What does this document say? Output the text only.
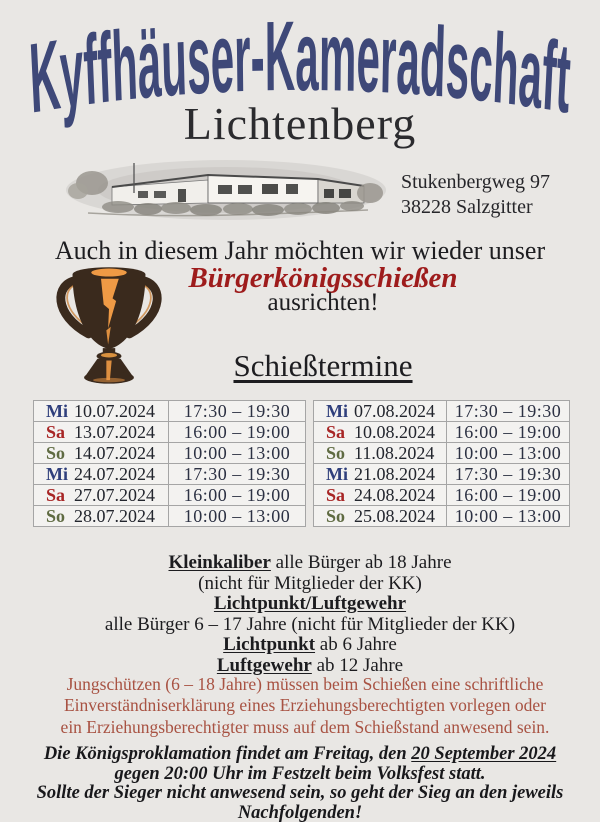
Kyffhäuser-Kameradschaft
Lichtenberg
Stukenbergweg 97
38228 Salzgitter
Auch in diesem Jahr möchten wir wieder unser
Bürgerkönigsschießen
ausrichten!
Schießtermine
Mi 10.07.2024	17:30 – 19:30
Sa 13.07.2024	16:00 – 19:00
So 14.07.2024	10:00 – 13:00
Mi 24.07.2024	17:30 – 19:30
Sa 27.07.2024	16:00 – 19:00
So 28.07.2024	10:00 – 13:00
Mi 07.08.2024	17:30 – 19:30
Sa 10.08.2024	16:00 – 19:00
So 11.08.2024	10:00 – 13:00
Mi 21.08.2024	17:30 – 19:30
Sa 24.08.2024	16:00 – 19:00
So 25.08.2024	10:00 – 13:00
Kleinkaliber alle Bürger ab 18 Jahre
(nicht für Mitglieder der KK)
Lichtpunkt/Luftgewehr
alle Bürger 6 – 17 Jahre (nicht für Mitglieder der KK)
Lichtpunkt ab 6 Jahre
Luftgewehr ab 12 Jahre
Jungschützen (6 – 18 Jahre) müssen beim Schießen eine schriftliche
Einverständniserklärung eines Erziehungsberechtigten vorlegen oder
ein Erziehungsberechtigter muss auf dem Schießstand anwesend sein.
Die Königsproklamation findet am Freitag, den 20 September 2024
gegen 20:00 Uhr im Festzelt beim Volksfest statt.
Sollte der Sieger nicht anwesend sein, so geht der Sieg an den jeweils
Nachfolgenden!
